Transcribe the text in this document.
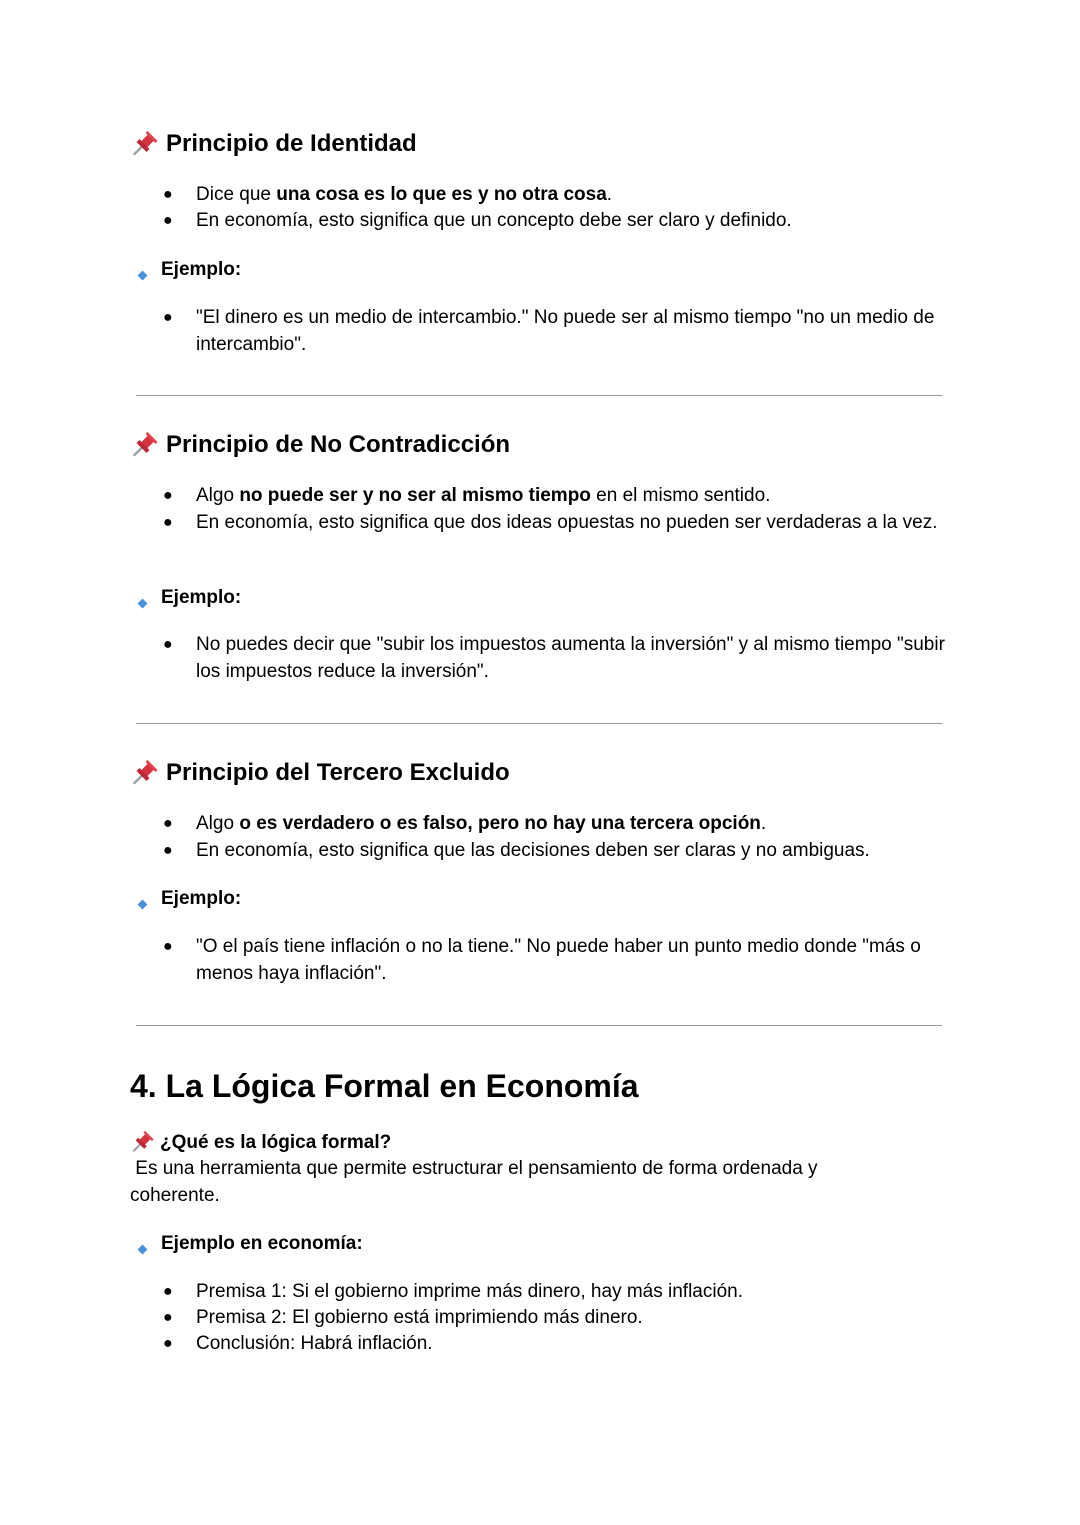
Principio de Identidad
● Dice que una cosa es lo que es y no otra cosa.
● En economía, esto significa que un concepto debe ser claro y definido.
Ejemplo:
● "El dinero es un medio de intercambio." No puede ser al mismo tiempo "no un medio de intercambio".
Principio de No Contradicción
● Algo no puede ser y no ser al mismo tiempo en el mismo sentido.
● En economía, esto significa que dos ideas opuestas no pueden ser verdaderas a la vez.
Ejemplo:
● No puedes decir que "subir los impuestos aumenta la inversión" y al mismo tiempo "subir los impuestos reduce la inversión".
Principio del Tercero Excluido
● Algo o es verdadero o es falso, pero no hay una tercera opción.
● En economía, esto significa que las decisiones deben ser claras y no ambiguas.
Ejemplo:
● "O el país tiene inflación o no la tiene." No puede haber un punto medio donde "más o menos haya inflación".
4. La Lógica Formal en Economía
¿Qué es la lógica formal?
Es una herramienta que permite estructurar el pensamiento de forma ordenada y coherente.
Ejemplo en economía:
● Premisa 1: Si el gobierno imprime más dinero, hay más inflación.
● Premisa 2: El gobierno está imprimiendo más dinero.
● Conclusión: Habrá inflación.
